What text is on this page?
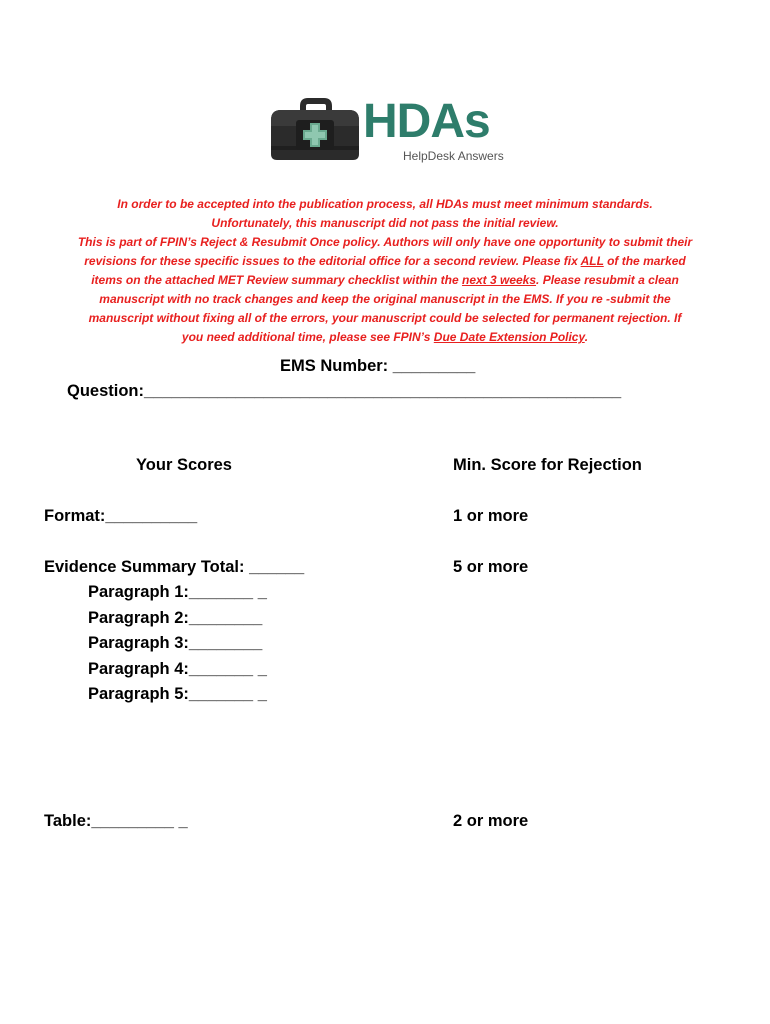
HDAs
HelpDesk Answers
In order to be accepted into the publication process, all HDAs must meet minimum standards.
Unfortunately, this manuscript did not pass the initial review.
This is part of FPIN’s Reject & Resubmit Once policy. Authors will only have one opportunity to submit their
revisions for these specific issues to the editorial office for a second review. Please fix ALL of the marked
items on the attached MET Review summary checklist within the next 3 weeks. Please resubmit a clean
manuscript with no track changes and keep the original manuscript in the EMS. If you re -submit the
manuscript without fixing all of the errors, your manuscript could be selected for permanent rejection. If
you need additional time, please see FPIN’s Due Date Extension Policy.
EMS Number: _________
Question:____________________________________________________
Your Scores	Min. Score for Rejection
Format:__________	1 or more
Evidence Summary Total: ______	5 or more
Paragraph 1:_______ _
Paragraph 2:________
Paragraph 3:________
Paragraph 4:_______ _
Paragraph 5:_______ _
Table:_________ _	2 or more
